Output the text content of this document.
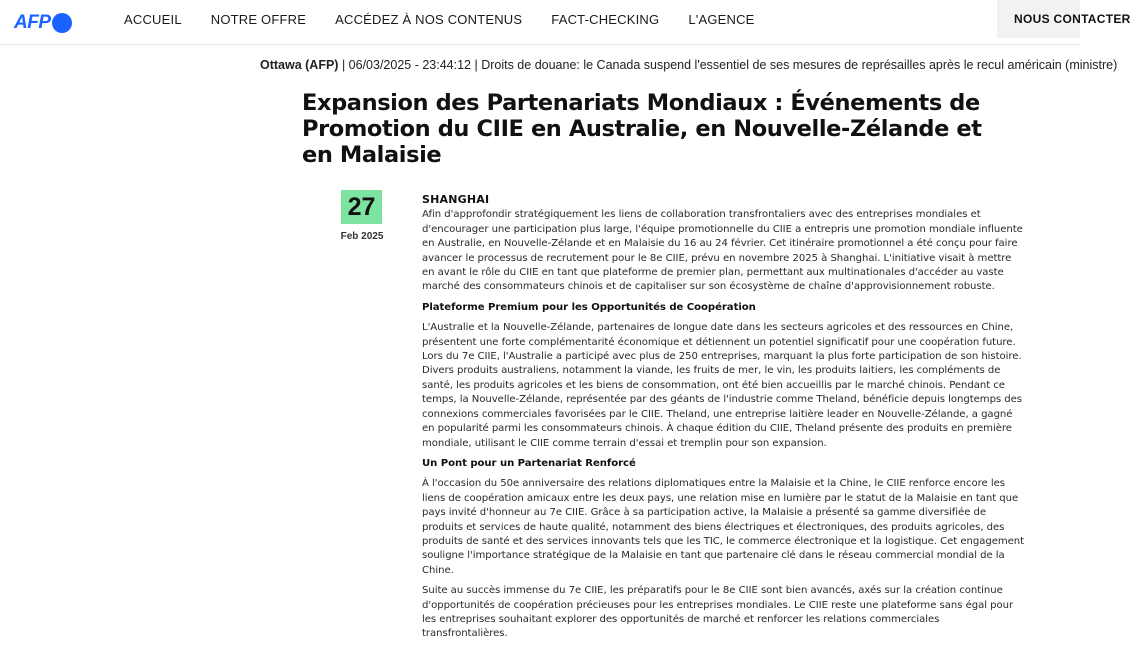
AFP	ACCUEIL NOTRE OFFRE ACCÉDEZ À NOS CONTENUS FACT-CHECKING L'AGENCE	NOUS CONTACTER
Ottawa (AFP) | 06/03/2025 - 23:44:12 | Droits de douane: le Canada suspend l'essentiel de ses mesures de représailles après le recul américain (ministre)
Expansion des Partenariats Mondiaux : Événements de Promotion du CIIE en Australie, en Nouvelle-Zélande et en Malaisie
27
Feb 2025
SHANGHAI

Afin d'approfondir stratégiquement les liens de collaboration transfrontaliers avec des entreprises mondiales et d'encourager une participation plus large, l'équipe promotionnelle du CIIE a entrepris une promotion mondiale influente en Australie, en Nouvelle-Zélande et en Malaisie du 16 au 24 février. Cet itinéraire promotionnel a été conçu pour faire avancer le processus de recrutement pour le 8e CIIE, prévu en novembre 2025 à Shanghai. L'initiative visait à mettre en avant le rôle du CIIE en tant que plateforme de premier plan, permettant aux multinationales d'accéder au vaste marché des consommateurs chinois et de capitaliser sur son écosystème de chaîne d'approvisionnement robuste.

Plateforme Premium pour les Opportunités de Coopération

L'Australie et la Nouvelle-Zélande, partenaires de longue date dans les secteurs agricoles et des ressources en Chine, présentent une forte complémentarité économique et détiennent un potentiel significatif pour une coopération future. Lors du 7e CIIE, l'Australie a participé avec plus de 250 entreprises, marquant la plus forte participation de son histoire. Divers produits australiens, notamment la viande, les fruits de mer, le vin, les produits laitiers, les compléments de santé, les produits agricoles et les biens de consommation, ont été bien accueillis par le marché chinois. Pendant ce temps, la Nouvelle-Zélande, représentée par des géants de l'industrie comme Theland, bénéficie depuis longtemps des connexions commerciales favorisées par le CIIE. Theland, une entreprise laitière leader en Nouvelle-Zélande, a gagné en popularité parmi les consommateurs chinois. À chaque édition du CIIE, Theland présente des produits en première mondiale, utilisant le CIIE comme terrain d'essai et tremplin pour son expansion.

Un Pont pour un Partenariat Renforcé

À l'occasion du 50e anniversaire des relations diplomatiques entre la Malaisie et la Chine, le CIIE renforce encore les liens de coopération amicaux entre les deux pays, une relation mise en lumière par le statut de la Malaisie en tant que pays invité d'honneur au 7e CIIE. Grâce à sa participation active, la Malaisie a présenté sa gamme diversifiée de produits et services de haute qualité, notamment des biens électriques et électroniques, des produits agricoles, des produits de santé et des services innovants tels que les TIC, le commerce électronique et la logistique. Cet engagement souligne l'importance stratégique de la Malaisie en tant que partenaire clé dans le réseau commercial mondial de la Chine.

Suite au succès immense du 7e CIIE, les préparatifs pour le 8e CIIE sont bien avancés, axés sur la création continue d'opportunités de coopération précieuses pour les entreprises mondiales. Le CIIE reste une plateforme sans égal pour les entreprises souhaitant explorer des opportunités de marché et renforcer les relations commerciales transfrontalières.
